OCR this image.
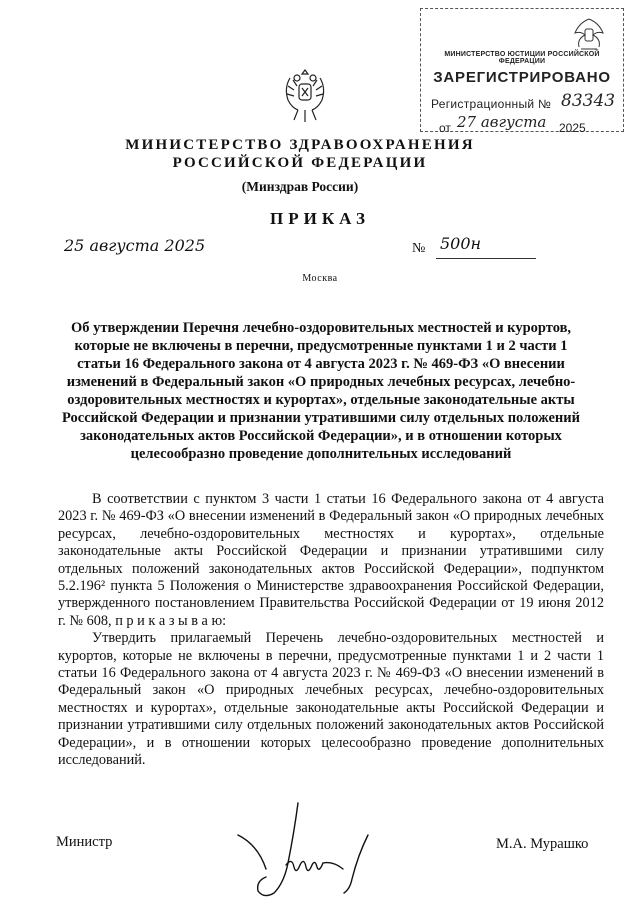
МИНИСТЕРСТВО ЮСТИЦИИ РОССИЙСКОЙ ФЕДЕРАЦИИ
ЗАРЕГИСТРИРОВАНО
Регистрационный № 83343
от 27 августа 2025
МИНИСТЕРСТВО ЗДРАВООХРАНЕНИЯ
РОССИЙСКОЙ ФЕДЕРАЦИИ
(Минздрав России)
ПРИКАЗ
25 августа 2025	№ 500н
Москва
Об утверждении Перечня лечебно-оздоровительных местностей и курортов, которые не включены в перечни, предусмотренные пунктами 1 и 2 части 1 статьи 16 Федерального закона от 4 августа 2023 г. № 469-ФЗ «О внесении изменений в Федеральный закон «О природных лечебных ресурсах, лечебно-оздоровительных местностях и курортах», отдельные законодательные акты Российской Федерации и признании утратившими силу отдельных положений законодательных актов Российской Федерации», и в отношении которых целесообразно проведение дополнительных исследований

В соответствии с пунктом 3 части 1 статьи 16 Федерального закона от 4 августа 2023 г. № 469-ФЗ «О внесении изменений в Федеральный закон «О природных лечебных ресурсах, лечебно-оздоровительных местностях и курортах», отдельные законодательные акты Российской Федерации и признании утратившими силу отдельных положений законодательных актов Российской Федерации», подпунктом 5.2.196² пункта 5 Положения о Министерстве здравоохранения Российской Федерации, утвержденного постановлением Правительства Российской Федерации от 19 июня 2012 г. № 608, п р и к а з ы в а ю:

Утвердить прилагаемый Перечень лечебно-оздоровительных местностей и курортов, которые не включены в перечни, предусмотренные пунктами 1 и 2 части 1 статьи 16 Федерального закона от 4 августа 2023 г. № 469-ФЗ «О внесении изменений в Федеральный закон «О природных лечебных ресурсах, лечебно-оздоровительных местностях и курортах», отдельные законодательные акты Российской Федерации и признании утратившими силу отдельных положений законодательных актов Российской Федерации», и в отношении которых целесообразно проведение дополнительных исследований.

Министр	М.А. Мурашко
